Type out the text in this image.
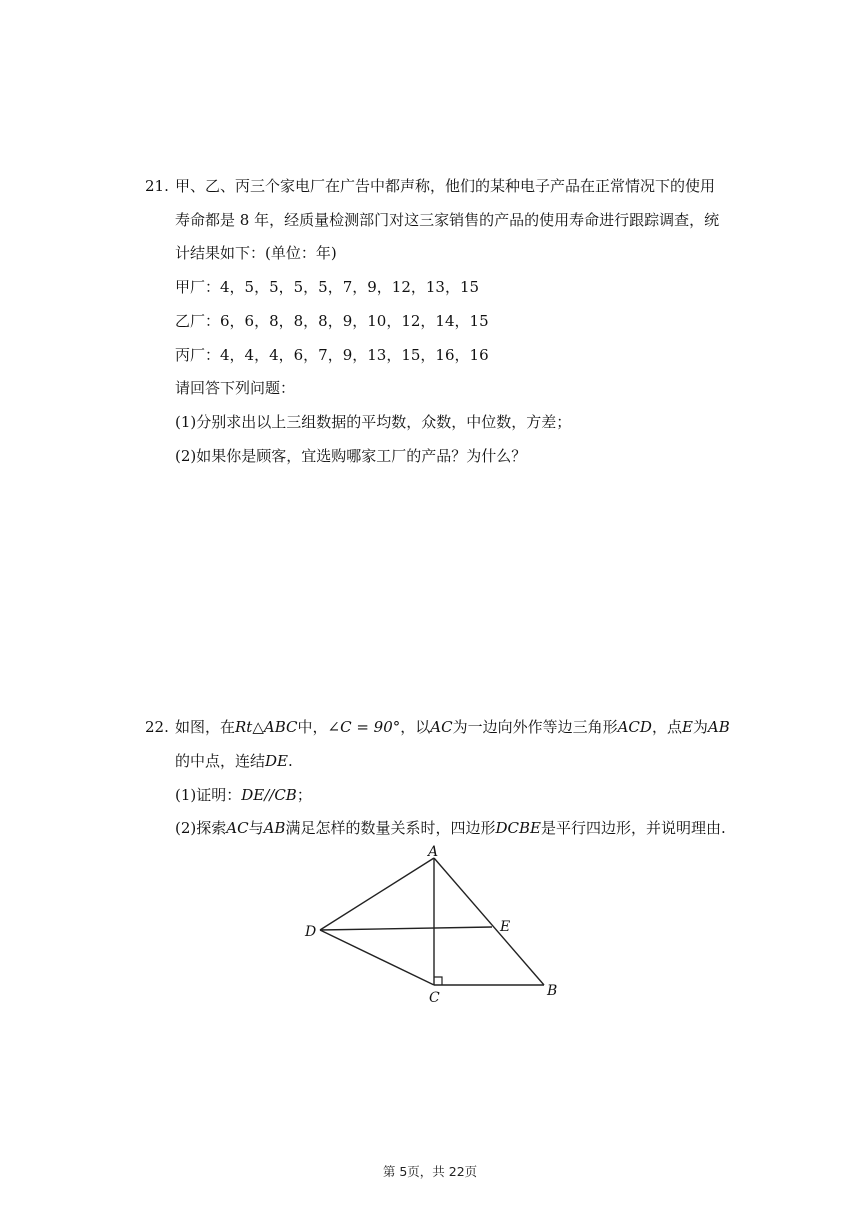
21. 甲、乙、丙三个家电厂在广告中都声称，他们的某种电子产品在正常情况下的使用
寿命都是 8 年，经质量检测部门对这三家销售的产品的使用寿命进行跟踪调查，统
计结果如下：(单位：年)
甲厂：4，5，5，5，5，7，9，12，13，15
乙厂：6，6，8，8，8，9，10，12，14，15
丙厂：4，4，4，6，7，9，13，15，16，16
请回答下列问题：
(1)分别求出以上三组数据的平均数，众数，中位数，方差；
(2)如果你是顾客，宜选购哪家工厂的产品？为什么？
22. 如图，在Rt△ABC中，∠C = 90°，以AC为一边向外作等边三角形ACD，点E为AB
的中点，连结DE.
(1)证明：DE//CB；
(2)探索AC与AB满足怎样的数量关系时，四边形DCBE是平行四边形，并说明理由.
A
B
C
D	E
第 5页，共 22页
